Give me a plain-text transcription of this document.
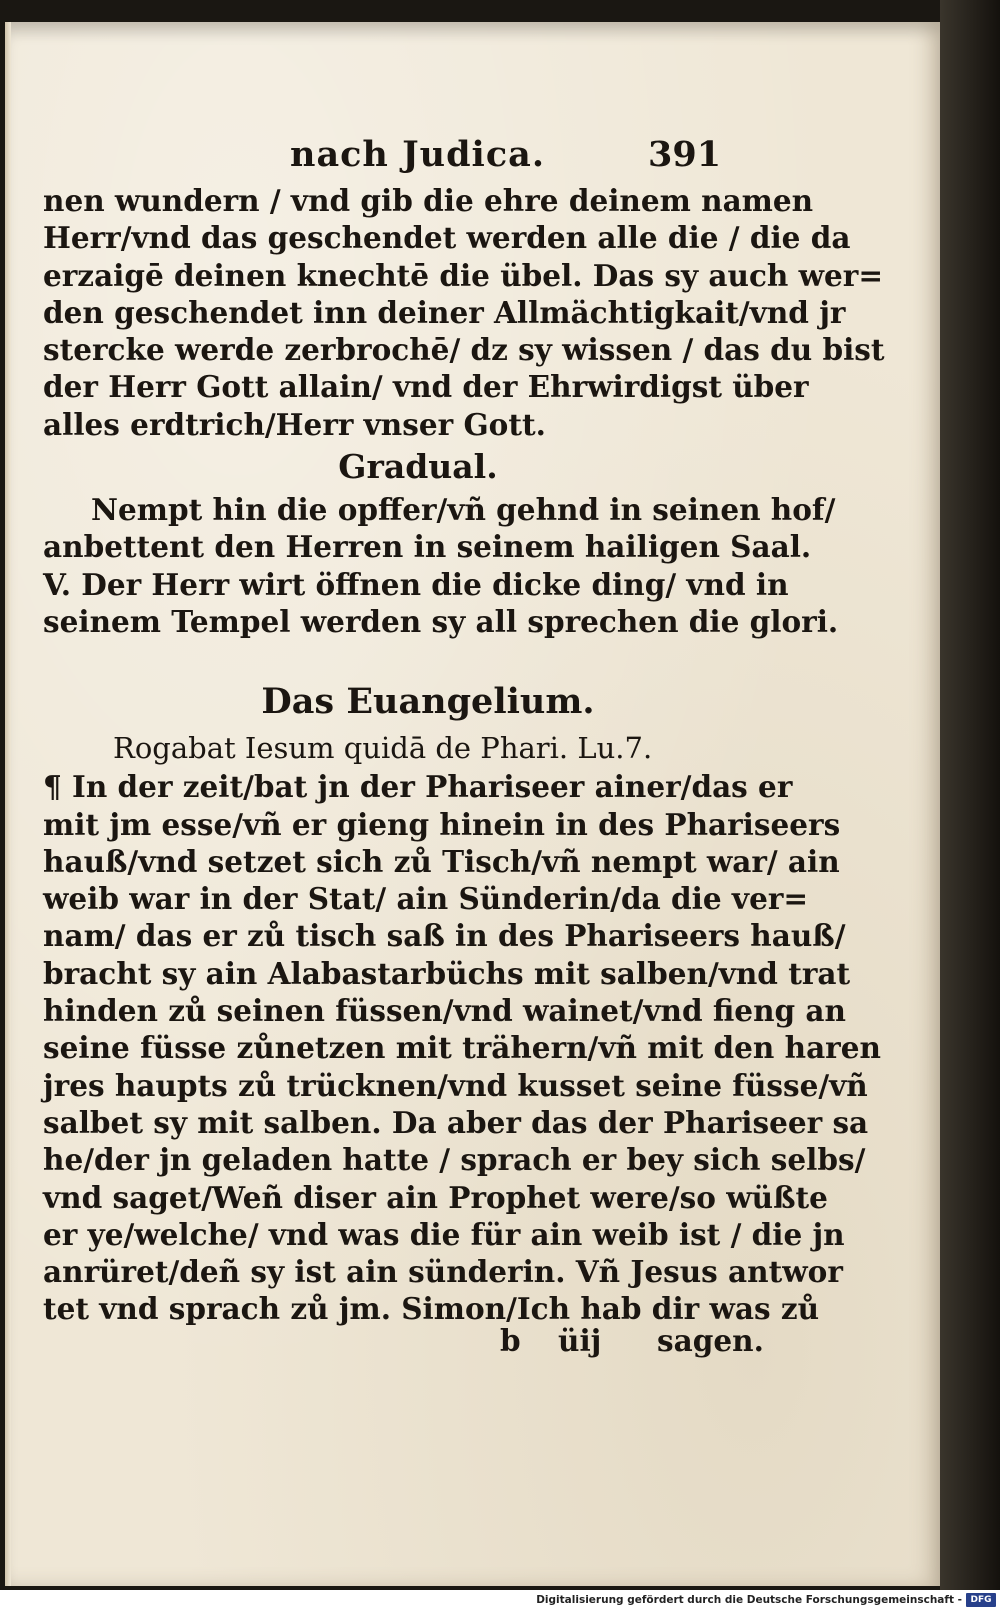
nach Judica.	391
nen wundern / vnd gib die ehre deinem namen
Herr/vnd das geschendet werden alle die / die da
erzaigē deinen knechtē die übel. Das sy auch wer=
den geschendet inn deiner Allmächtigkait/vnd jr
stercke werde zerbrochē/ dz sy wissen / das du bist
der Herr Gott allain/ vnd der Ehrwirdigst über
alles erdtrich/Herr vnser Gott.
Gradual.
Nempt hin die opffer/vñ gehnd in seinen hof/
anbettent den Herren in seinem hailigen Saal.
V. Der Herr wirt öffnen die dicke ding/ vnd in
seinem Tempel werden sy all sprechen die glori.
Das Euangelium.
Rogabat Iesum quidā de Phari. Lu.7.
¶ In der zeit/bat jn der Phariseer ainer/das er
mit jm esse/vñ er gieng hinein in des Phariseers
hauß/vnd setzet sich zů Tisch/vñ nempt war/ ain
weib war in der Stat/ ain Sünderin/da die ver=
nam/ das er zů tisch saß in des Phariseers hauß/
bracht sy ain Alabastarbüchs mit salben/vnd trat
hinden zů seinen füssen/vnd wainet/vnd fieng an
seine füsse zůnetzen mit trähern/vñ mit den haren
jres haupts zů trücknen/vnd kusset seine füsse/vñ
salbet sy mit salben. Da aber das der Phariseer sa
he/der jn geladen hatte / sprach er bey sich selbs/
vnd saget/Weñ diser ain Prophet were/so wüßte
er ye/welche/ vnd was die für ain weib ist / die jn
anrüret/deñ sy ist ain sünderin. Vñ Jesus antwor
tet vnd sprach zů jm. Simon/Ich hab dir was zů
b üij sagen.
Digitalisierung gefördert durch die Deutsche Forschungsgemeinschaft - DFG
